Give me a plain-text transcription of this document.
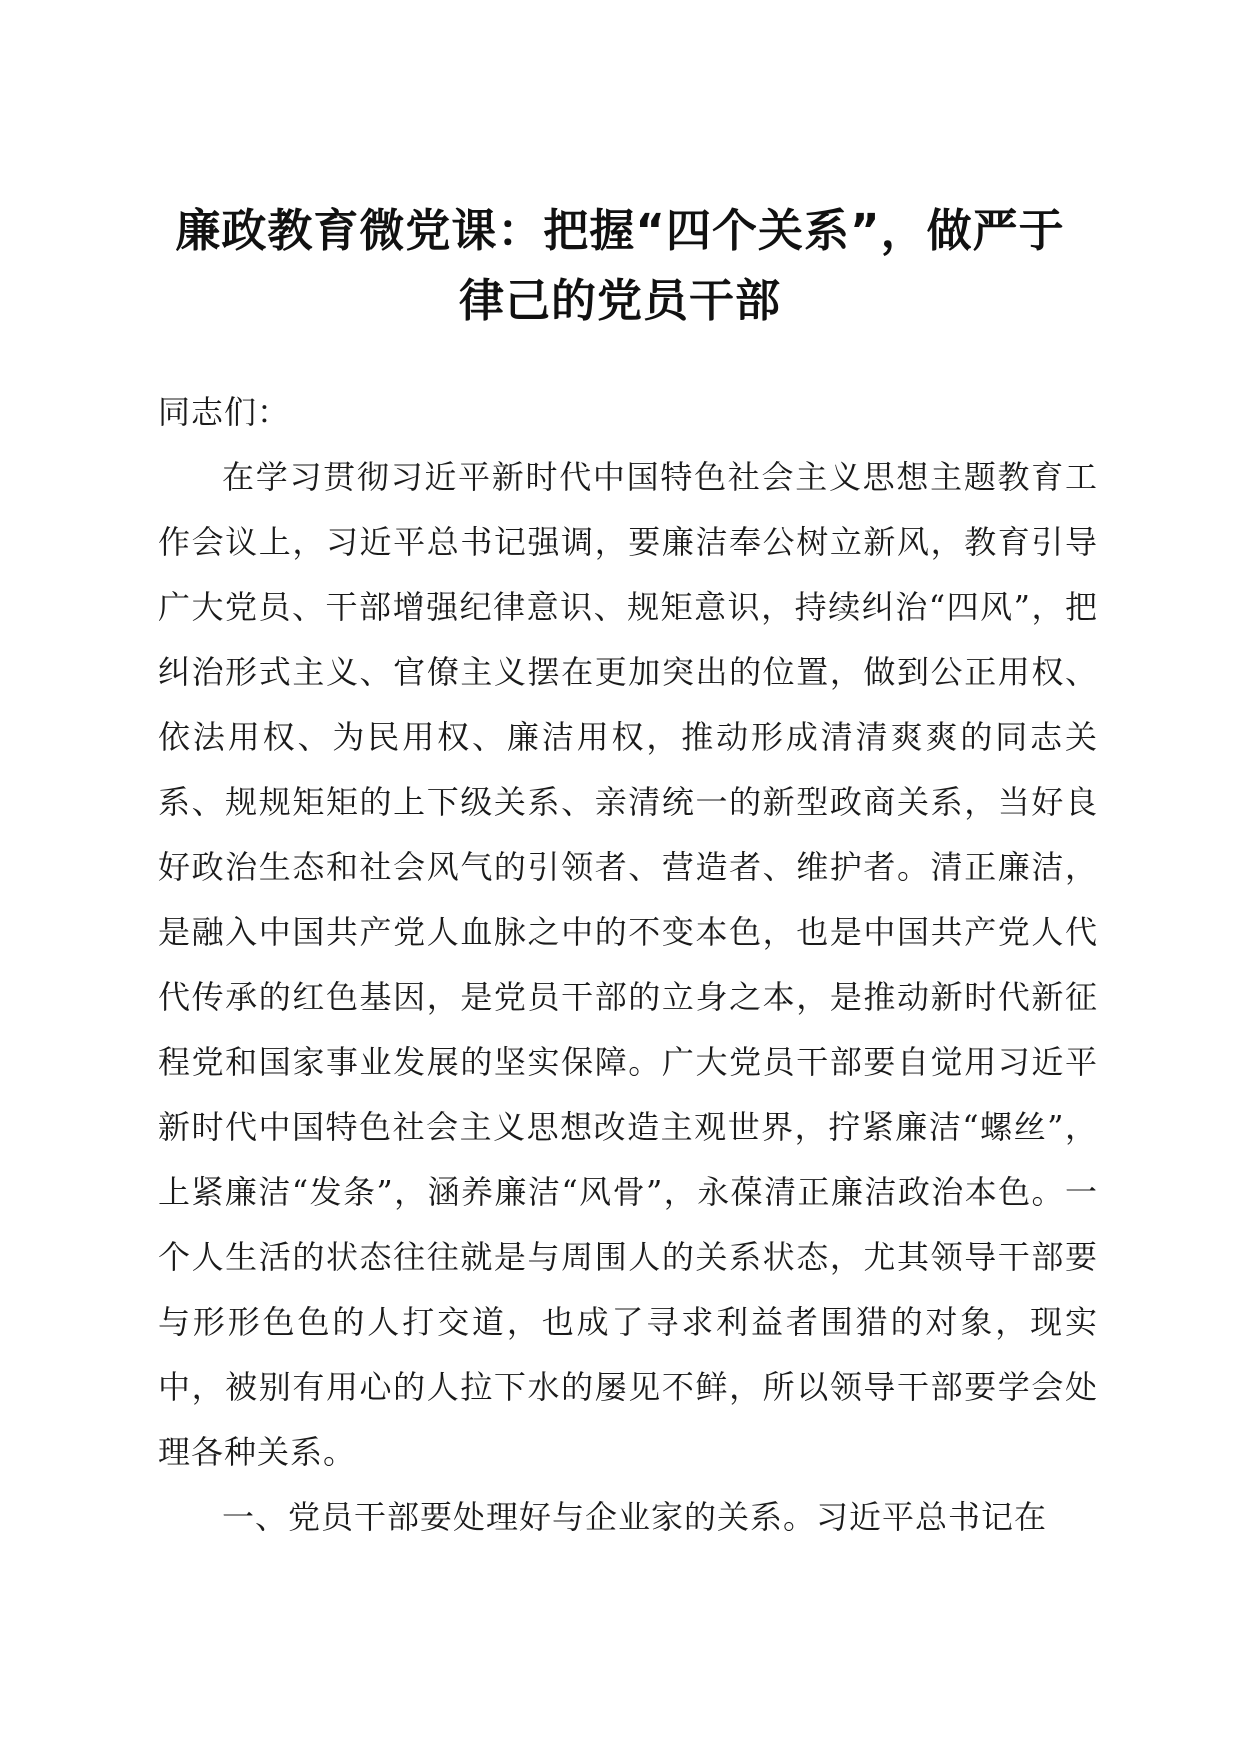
廉政教育微党课：把握“四个关系”，做严于
律己的党员干部

同志们：

在学习贯彻习近平新时代中国特色社会主义思想主题教育工作会议上，习近平总书记强调，要廉洁奉公树立新风，教育引导广大党员、干部增强纪律意识、规矩意识，持续纠治“四风”，把纠治形式主义、官僚主义摆在更加突出的位置，做到公正用权、依法用权、为民用权、廉洁用权，推动形成清清爽爽的同志关系、规规矩矩的上下级关系、亲清统一的新型政商关系，当好良好政治生态和社会风气的引领者、营造者、维护者。清正廉洁，是融入中国共产党人血脉之中的不变本色，也是中国共产党人代代传承的红色基因，是党员干部的立身之本，是推动新时代新征程党和国家事业发展的坚实保障。广大党员干部要自觉用习近平新时代中国特色社会主义思想改造主观世界，拧紧廉洁“螺丝”，上紧廉洁“发条”，涵养廉洁“风骨”，永葆清正廉洁政治本色。一个人生活的状态往往就是与周围人的关系状态，尤其领导干部要与形形色色的人打交道，也成了寻求利益者围猎的对象，现实中，被别有用心的人拉下水的屡见不鲜，所以领导干部要学会处理各种关系。

一、党员干部要处理好与企业家的关系。习近平总书记在
